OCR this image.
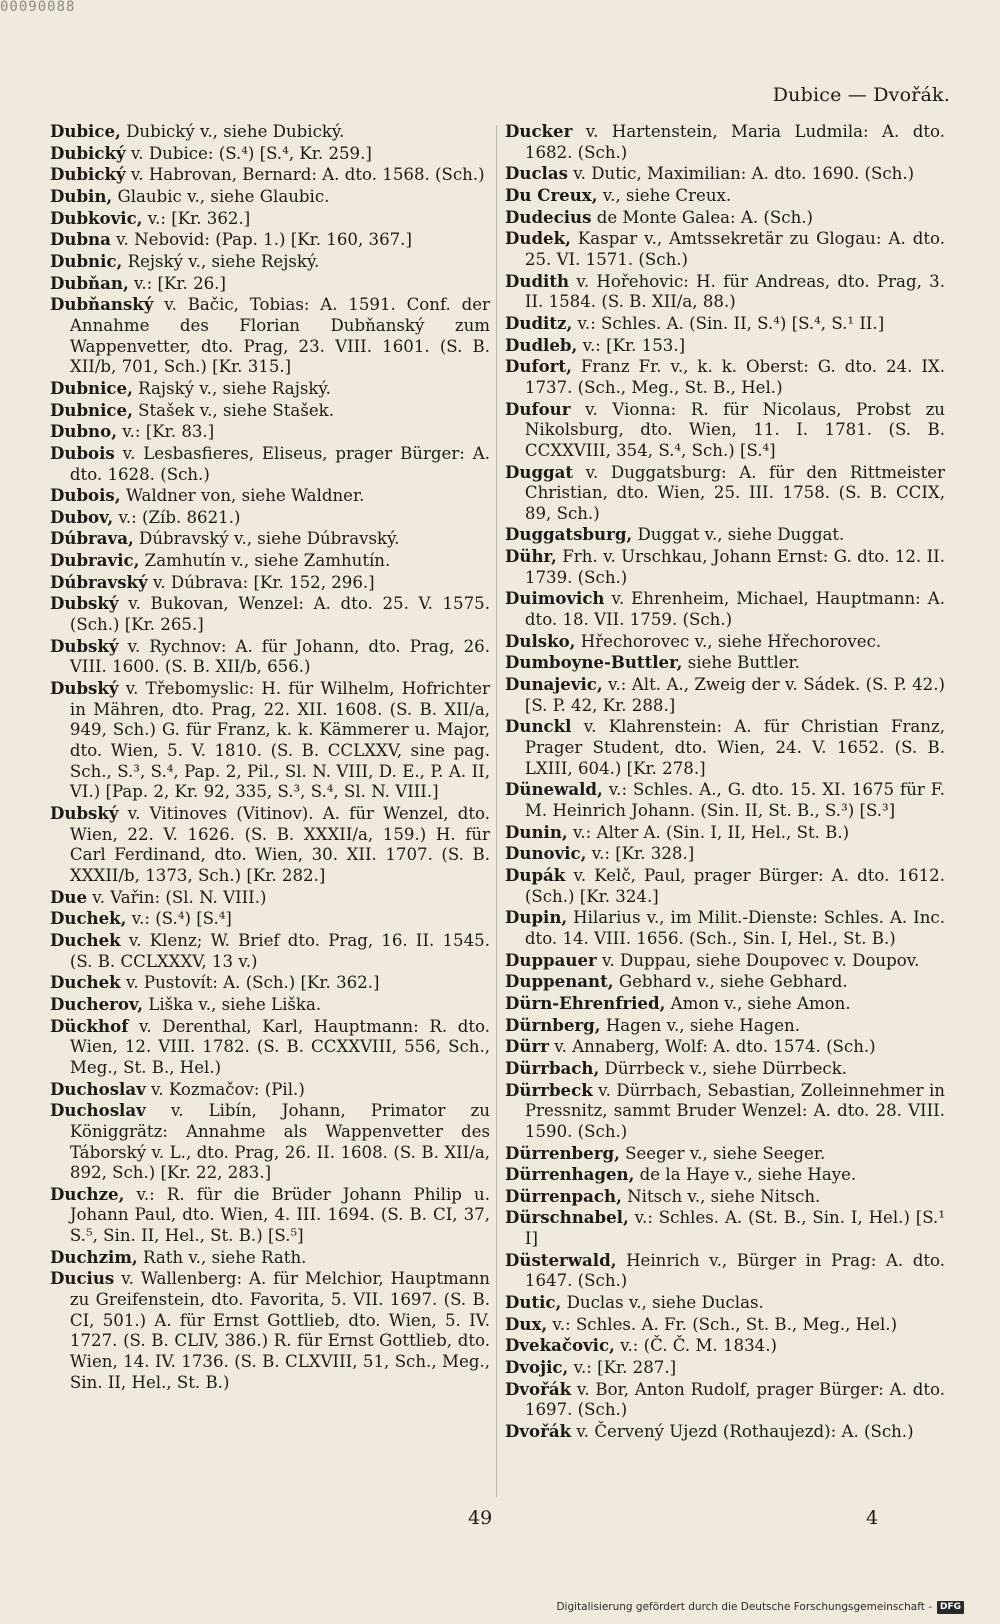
00090088
Dubice — Dvořák.

Dubice, Dubický v., siehe Dubický.

Dubický v. Dubice: (S.⁴) [S.⁴, Kr. 259.]

Dubický v. Habrovan, Bernard: A. dto. 1568. (Sch.)

Dubin, Glaubic v., siehe Glaubic.

Dubkovic, v.: [Kr. 362.]

Dubna v. Nebovid: (Pap. 1.) [Kr. 160, 367.]

Dubnic, Rejský v., siehe Rejský.

Dubňan, v.: [Kr. 26.]

Dubňanský v. Bačic, Tobias: A. 1591. Conf. der Annahme des Florian Dubňanský zum Wappenvetter, dto. Prag, 23. VIII. 1601. (S. B. XII/b, 701, Sch.) [Kr. 315.]

Dubnice, Rajský v., siehe Rajský.

Dubnice, Stašek v., siehe Stašek.

Dubno, v.: [Kr. 83.]

Dubois v. Lesbasfieres, Eliseus, prager Bürger: A. dto. 1628. (Sch.)

Dubois, Waldner von, siehe Waldner.

Dubov, v.: (Zíb. 8621.)

Dúbrava, Dúbravský v., siehe Dúbravský.

Dubravic, Zamhutín v., siehe Zamhutín.

Dúbravský v. Dúbrava: [Kr. 152, 296.]

Dubský v. Bukovan, Wenzel: A. dto. 25. V. 1575. (Sch.) [Kr. 265.]

Dubský v. Rychnov: A. für Johann, dto. Prag, 26. VIII. 1600. (S. B. XII/b, 656.)

Dubský v. Třebomyslic: H. für Wilhelm, Hofrichter in Mähren, dto. Prag, 22. XII. 1608. (S. B. XII/a, 949, Sch.) G. für Franz, k. k. Kämmerer u. Major, dto. Wien, 5. V. 1810. (S. B. CCLXXV, sine pag. Sch., S.³, S.⁴, Pap. 2, Pil., Sl. N. VIII, D. E., P. A. II, VI.) [Pap. 2, Kr. 92, 335, S.³, S.⁴, Sl. N. VIII.]

Dubský v. Vitinoves (Vitinov). A. für Wenzel, dto. Wien, 22. V. 1626. (S. B. XXXII/a, 159.) H. für Carl Ferdinand, dto. Wien, 30. XII. 1707. (S. B. XXXII/b, 1373, Sch.) [Kr. 282.]

Due v. Vařin: (Sl. N. VIII.)

Duchek, v.: (S.⁴) [S.⁴]

Duchek v. Klenz; W. Brief dto. Prag, 16. II. 1545. (S. B. CCLXXXV, 13 v.)

Duchek v. Pustovít: A. (Sch.) [Kr. 362.]

Ducherov, Liška v., siehe Liška.

Dückhof v. Derenthal, Karl, Hauptmann: R. dto. Wien, 12. VIII. 1782. (S. B. CCXXVIII, 556, Sch., Meg., St. B., Hel.)

Duchoslav v. Kozmačov: (Pil.)

Duchoslav v. Libín, Johann, Primator zu Königgrätz: Annahme als Wappenvetter des Táborský v. L., dto. Prag, 26. II. 1608. (S. B. XII/a, 892, Sch.) [Kr. 22, 283.]

Duchze, v.: R. für die Brüder Johann Philip u. Johann Paul, dto. Wien, 4. III. 1694. (S. B. CI, 37, S.⁵, Sin. II, Hel., St. B.) [S.⁵]

Duchzim, Rath v., siehe Rath.

Ducius v. Wallenberg: A. für Melchior, Hauptmann zu Greifenstein, dto. Favorita, 5. VII. 1697. (S. B. CI, 501.) A. für Ernst Gottlieb, dto. Wien, 5. IV. 1727. (S. B. CLIV, 386.) R. für Ernst Gottlieb, dto. Wien, 14. IV. 1736. (S. B. CLXVIII, 51, Sch., Meg., Sin. II, Hel., St. B.)

Ducker v. Hartenstein, Maria Ludmila: A. dto. 1682. (Sch.)

Duclas v. Dutic, Maximilian: A. dto. 1690. (Sch.)

Du Creux, v., siehe Creux.

Dudecius de Monte Galea: A. (Sch.)

Dudek, Kaspar v., Amtssekretär zu Glogau: A. dto. 25. VI. 1571. (Sch.)

Dudith v. Hořehovic: H. für Andreas, dto. Prag, 3. II. 1584. (S. B. XII/a, 88.)

Duditz, v.: Schles. A. (Sin. II, S.⁴) [S.⁴, S.¹ II.]

Dudleb, v.: [Kr. 153.]

Dufort, Franz Fr. v., k. k. Oberst: G. dto. 24. IX. 1737. (Sch., Meg., St. B., Hel.)

Dufour v. Vionna: R. für Nicolaus, Probst zu Nikolsburg, dto. Wien, 11. I. 1781. (S. B. CCXXVIII, 354, S.⁴, Sch.) [S.⁴]

Duggat v. Duggatsburg: A. für den Rittmeister Christian, dto. Wien, 25. III. 1758. (S. B. CCIX, 89, Sch.)

Duggatsburg, Duggat v., siehe Duggat.

Dühr, Frh. v. Urschkau, Johann Ernst: G. dto. 12. II. 1739. (Sch.)

Duimovich v. Ehrenheim, Michael, Hauptmann: A. dto. 18. VII. 1759. (Sch.)

Dulsko, Hřechorovec v., siehe Hřechorovec.

Dumboyne-Buttler, siehe Buttler.

Dunajevic, v.: Alt. A., Zweig der v. Sádek. (S. P. 42.) [S. P. 42, Kr. 288.]

Dunckl v. Klahrenstein: A. für Christian Franz, Prager Student, dto. Wien, 24. V. 1652. (S. B. LXIII, 604.) [Kr. 278.]

Dünewald, v.: Schles. A., G. dto. 15. XI. 1675 für F. M. Heinrich Johann. (Sin. II, St. B., S.³) [S.³]

Dunin, v.: Alter A. (Sin. I, II, Hel., St. B.)

Dunovic, v.: [Kr. 328.]

Dupák v. Kelč, Paul, prager Bürger: A. dto. 1612. (Sch.) [Kr. 324.]

Dupin, Hilarius v., im Milit.-Dienste: Schles. A. Inc. dto. 14. VIII. 1656. (Sch., Sin. I, Hel., St. B.)

Duppauer v. Duppau, siehe Doupovec v. Doupov.

Duppenant, Gebhard v., siehe Gebhard.

Dürn-Ehrenfried, Amon v., siehe Amon.

Dürnberg, Hagen v., siehe Hagen.

Dürr v. Annaberg, Wolf: A. dto. 1574. (Sch.)

Dürrbach, Dürrbeck v., siehe Dürrbeck.

Dürrbeck v. Dürrbach, Sebastian, Zolleinnehmer in Pressnitz, sammt Bruder Wenzel: A. dto. 28. VIII. 1590. (Sch.)

Dürrenberg, Seeger v., siehe Seeger.

Dürrenhagen, de la Haye v., siehe Haye.

Dürrenpach, Nitsch v., siehe Nitsch.

Dürschnabel, v.: Schles. A. (St. B., Sin. I, Hel.) [S.¹ I]

Düsterwald, Heinrich v., Bürger in Prag: A. dto. 1647. (Sch.)

Dutic, Duclas v., siehe Duclas.

Dux, v.: Schles. A. Fr. (Sch., St. B., Meg., Hel.)

Dvekačovic, v.: (Č. Č. M. 1834.)

Dvojic, v.: [Kr. 287.]

Dvořák v. Bor, Anton Rudolf, prager Bürger: A. dto. 1697. (Sch.)

Dvořák v. Červený Ujezd (Rothaujezd): A. (Sch.)

49	4
Digitalisierung gefördert durch die Deutsche Forschungsgemeinschaft - DFG
